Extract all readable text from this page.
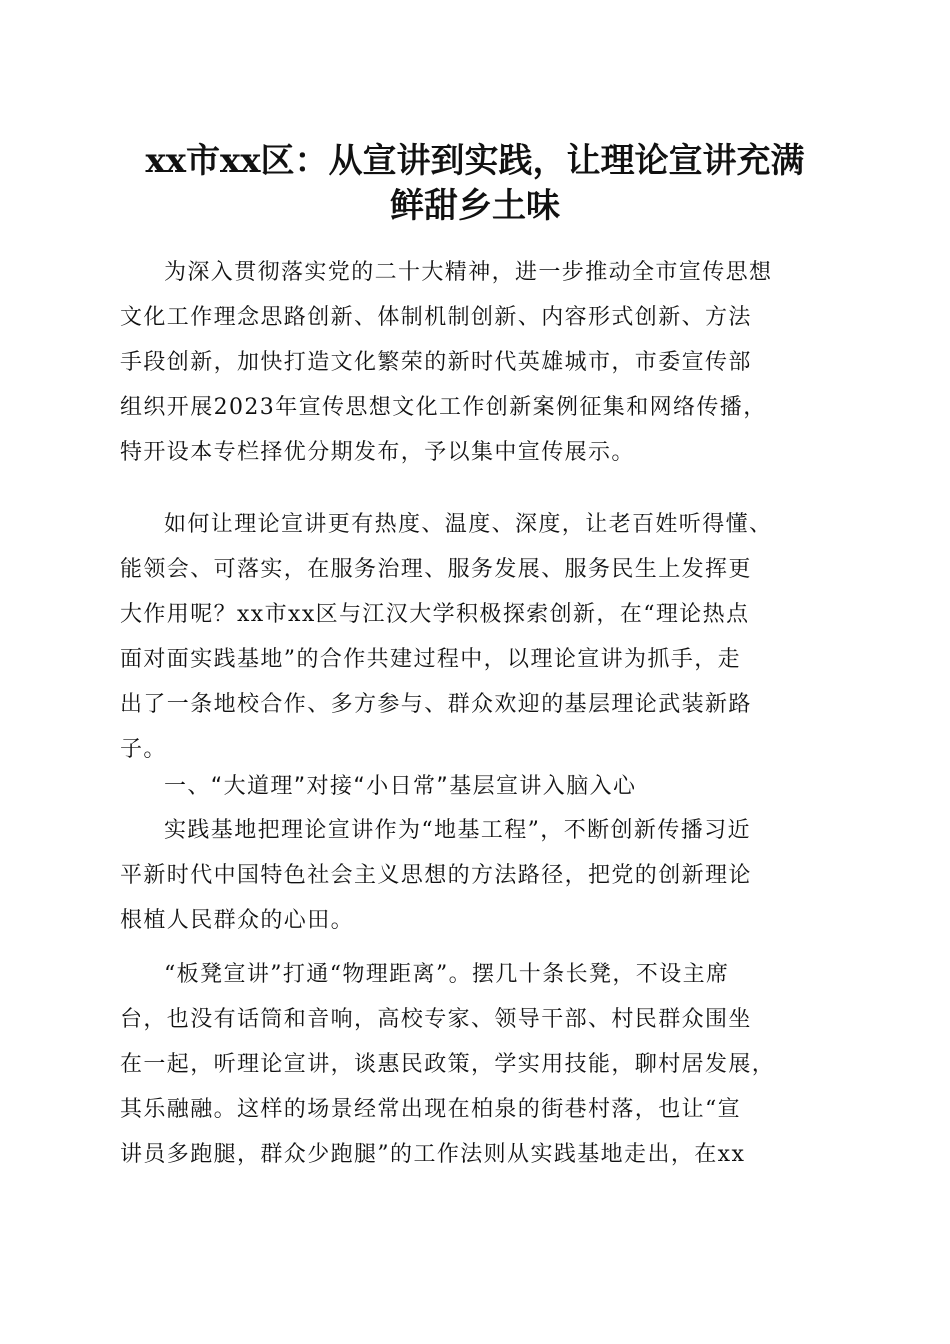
xx市xx区：从宣讲到实践，让理论宣讲充满
鲜甜乡土味
为深入贯彻落实党的二十大精神，进一步推动全市宣传思想
文化工作理念思路创新、体制机制创新、内容形式创新、方法
手段创新，加快打造文化繁荣的新时代英雄城市，市委宣传部
组织开展2023年宣传思想文化工作创新案例征集和网络传播，
特开设本专栏择优分期发布，予以集中宣传展示。
如何让理论宣讲更有热度、温度、深度，让老百姓听得懂、
能领会、可落实，在服务治理、服务发展、服务民生上发挥更
大作用呢？xx市xx区与江汉大学积极探索创新，在“理论热点
面对面实践基地”的合作共建过程中，以理论宣讲为抓手，走
出了一条地校合作、多方参与、群众欢迎的基层理论武装新路
子。
一、“大道理”对接“小日常”基层宣讲入脑入心
实践基地把理论宣讲作为“地基工程”，不断创新传播习近
平新时代中国特色社会主义思想的方法路径，把党的创新理论
根植人民群众的心田。
“板凳宣讲”打通“物理距离”。摆几十条长凳，不设主席
台，也没有话筒和音响，高校专家、领导干部、村民群众围坐
在一起，听理论宣讲，谈惠民政策，学实用技能，聊村居发展，
其乐融融。这样的场景经常出现在柏泉的街巷村落，也让“宣
讲员多跑腿，群众少跑腿”的工作法则从实践基地走出，在xx
